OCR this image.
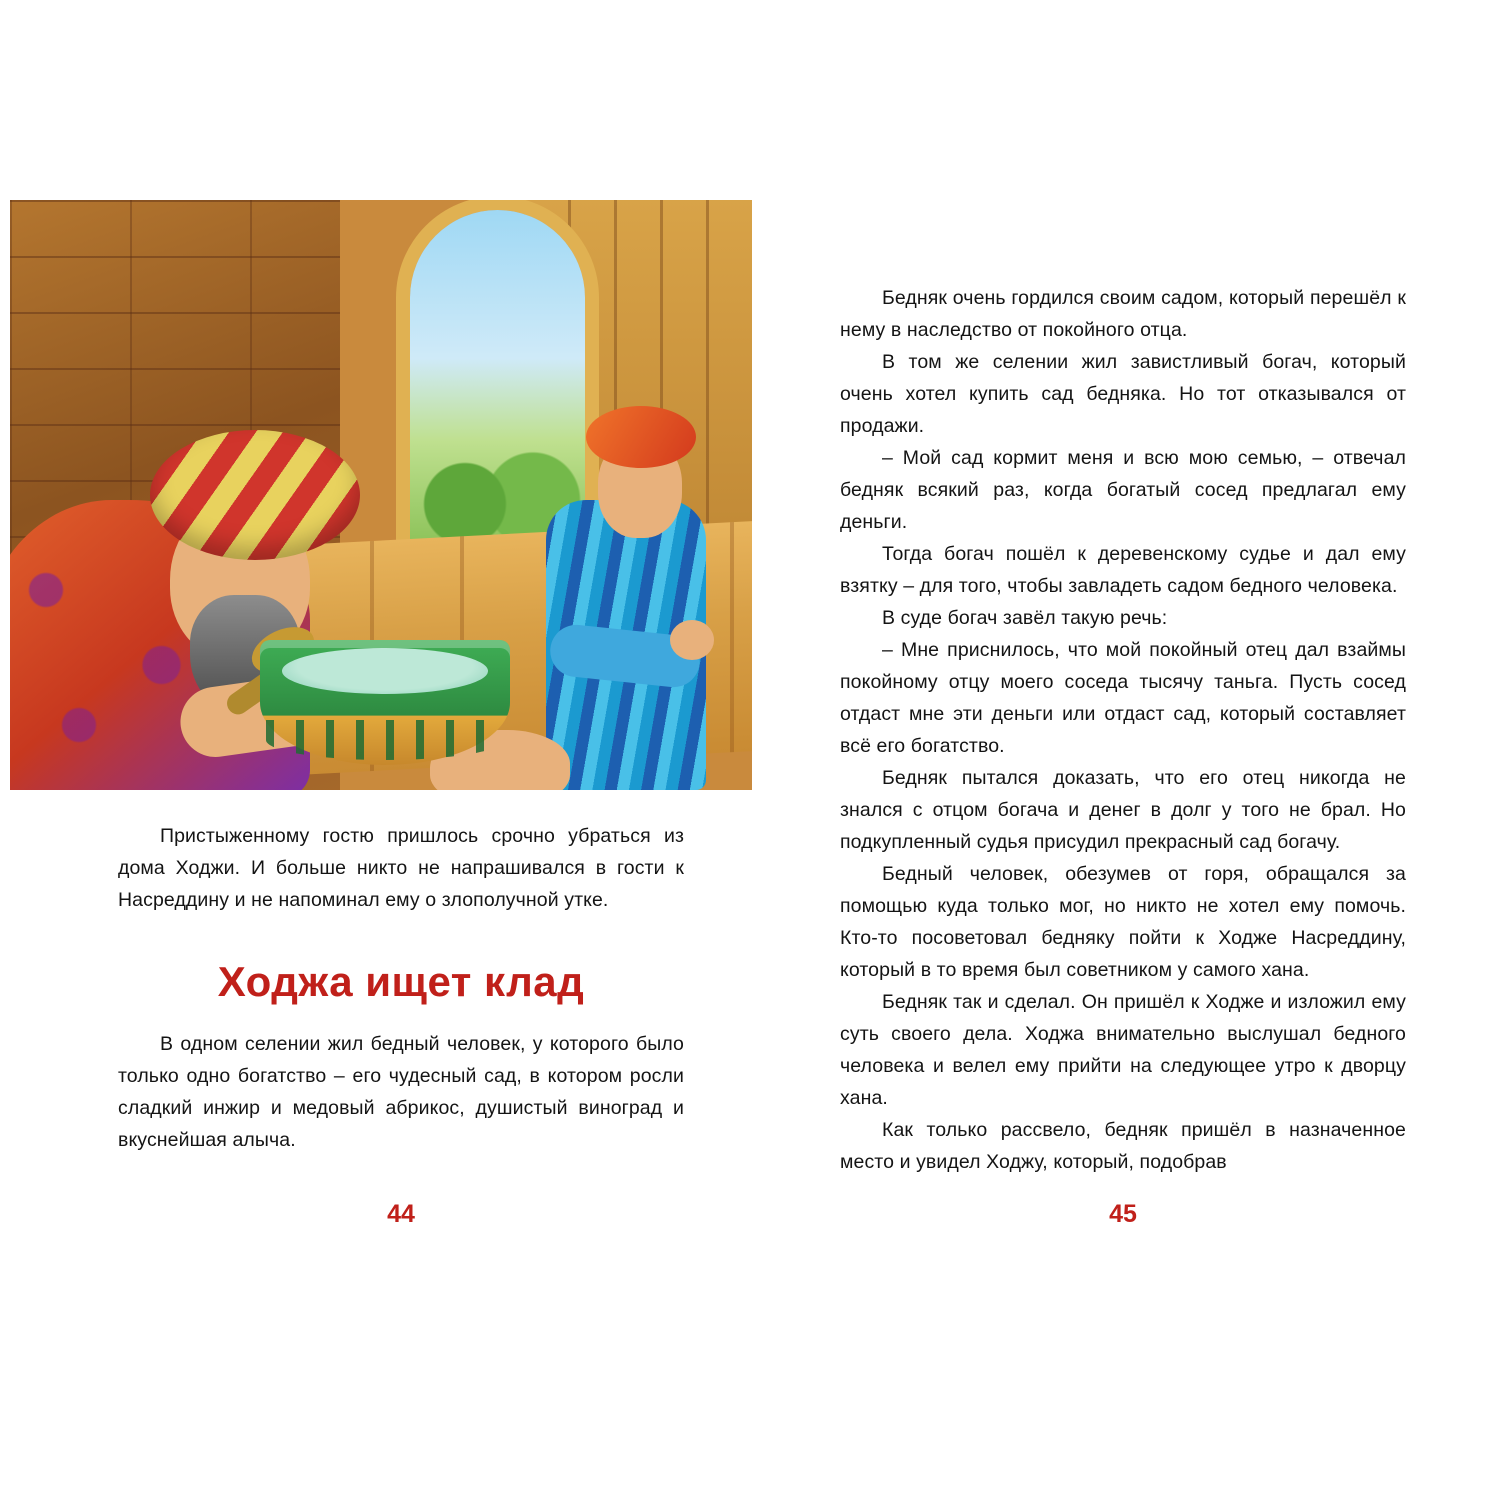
Пристыженному гостю пришлось срочно убраться из дома Ходжи. И больше никто не напрашивался в гости к Насреддину и не напоминал ему о злополучной утке.

Ходжа ищет клад

В одном селении жил бедный человек, у которого было только одно богатство – его чудесный сад, в котором росли сладкий инжир и медовый абрикос, душистый виноград и вкуснейшая алыча.

44

Бедняк очень гордился своим садом, который перешёл к нему в наследство от покойного отца.

В том же селении жил завистливый богач, который очень хотел купить сад бедняка. Но тот отказывался от продажи.

– Мой сад кормит меня и всю мою семью, – отвечал бедняк всякий раз, когда богатый сосед предлагал ему деньги.

Тогда богач пошёл к деревенскому судье и дал ему взятку – для того, чтобы завладеть садом бедного человека.

В суде богач завёл такую речь:

– Мне приснилось, что мой покойный отец дал взаймы покойному отцу моего соседа тысячу таньга. Пусть сосед отдаст мне эти деньги или отдаст сад, который составляет всё его богатство.

Бедняк пытался доказать, что его отец никогда не знался с отцом богача и денег в долг у того не брал. Но подкупленный судья присудил прекрасный сад богачу.

Бедный человек, обезумев от горя, обращался за помощью куда только мог, но никто не хотел ему помочь. Кто-то посоветовал бедняку пойти к Ходже Насреддину, который в то время был советником у самого хана.

Бедняк так и сделал. Он пришёл к Ходже и изложил ему суть своего дела. Ходжа внимательно выслушал бедного человека и велел ему прийти на следующее утро к дворцу хана.

Как только рассвело, бедняк пришёл в назначенное место и увидел Ходжу, который, подобрав

45
